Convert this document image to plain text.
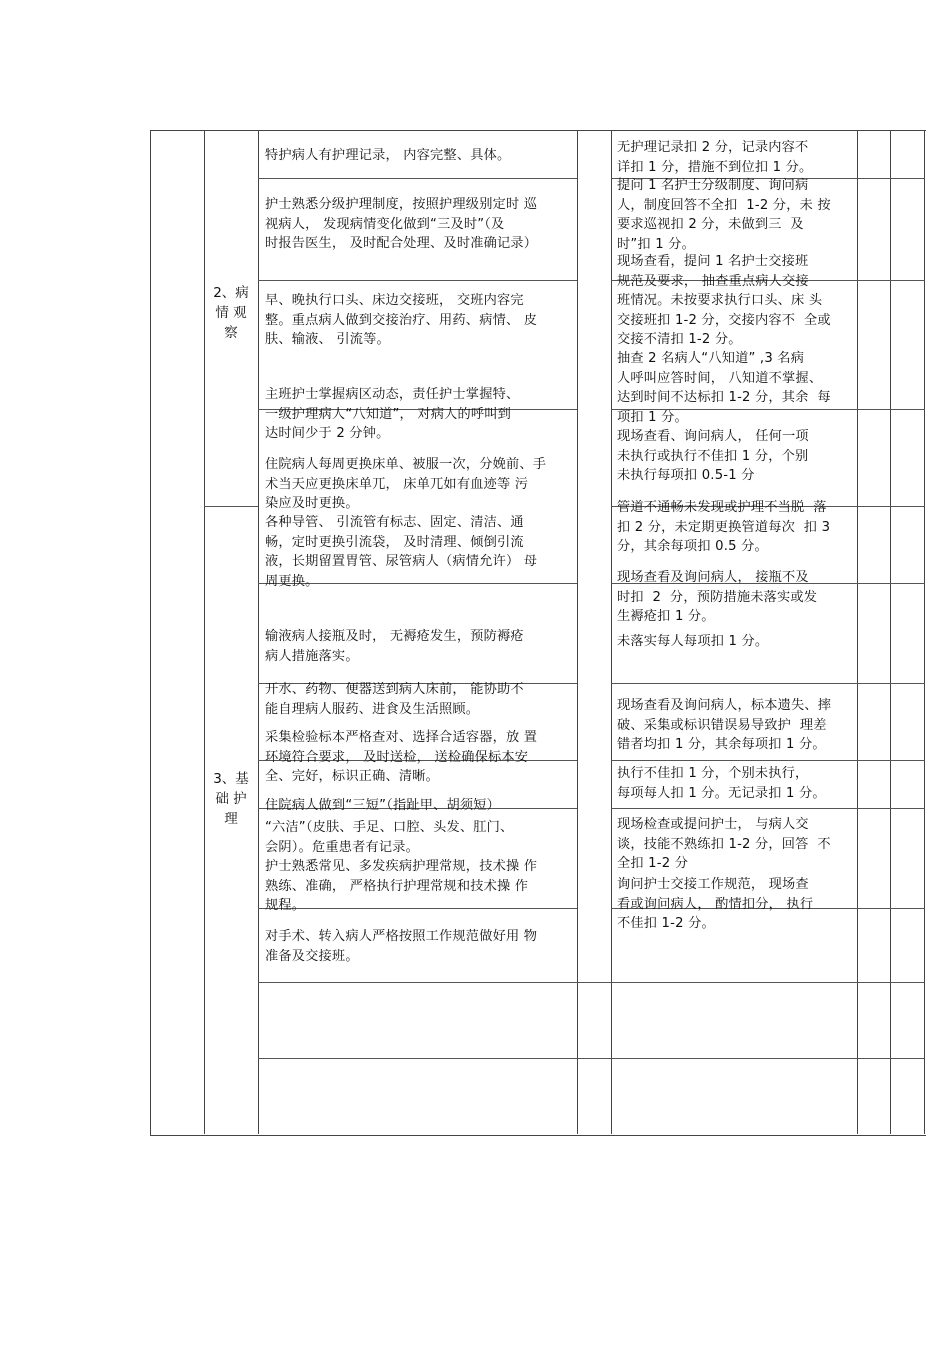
2、病
情 观
察
3、基
础 护
理
特护病人有护理记录， 内容完整、具体。
护士熟悉分级护理制度，按照护理级别定时 巡
视病人， 发现病情变化做到“三及时”（及
时报告医生， 及时配合处理、及时准确记录）
早、晚执行口头、床边交接班， 交班内容完
整。重点病人做到交接治疗、用药、病情、 皮
肤、输液、 引流等。
主班护士掌握病区动态，责任护士掌握特、
一级护理病人“八知道”， 对病人的呼叫到
达时间少于 2 分钟。
住院病人每周更换床单、被服一次，分娩前、手
术当天应更换床单兀， 床单兀如有血迹等 污
染应及时更换。
各种导管、 引流管有标志、固定、清洁、通
畅，定时更换引流袋， 及时清理、倾倒引流
液，长期留置胃管、尿管病人（病情允许） 母
周更换。
输液病人接瓶及时， 无褥疮发生，预防褥疮
病人措施落实。
开水、药物、便器送到病人床前， 能协助不
能自理病人服药、进食及生活照顾。
采集检验标本严格查对、选择合适容器，放 置
环境符合要求， 及时送检， 送检确保标本安
全、完好，标识正确、清晰。
住院病人做到“三短”（指趾甲、胡须短）
“六洁”（皮肤、手足、口腔、头发、肛门、
会阴）。危重患者有记录。
护士熟悉常见、多发疾病护理常规，技术操 作
熟练、准确， 严格执行护理常规和技术操 作
规程。
对手术、转入病人严格按照工作规范做好用 物
准备及交接班。
无护理记录扣 2 分，记录内容不
详扣 1 分，措施不到位扣 1 分。
提问 1 名护士分级制度、询问病
人，制度回答不全扣  1-2 分，未 按
要求巡视扣 2 分，未做到三  及
时”扣 1 分。
现场查看，提问 1 名护士交接班
规范及要求， 抽查重点病人交接
班情况。未按要求执行口头、床 头
交接班扣 1-2 分，交接内容不  全或
交接不清扣 1-2 分。
抽查 2 名病人“八知道” ,3 名病
人呼叫应答时间， 八知道不掌握、
达到时间不达标扣 1-2 分，其余  每
项扣 1 分。
现场查看、询问病人， 任何一项
未执行或执行不佳扣 1 分，个别
未执行每项扣 0.5-1 分
管道不通畅未发现或护理不当脱  落
扣 2 分，未定期更换管道每次  扣 3
分，其余每项扣 0.5 分。
现场查看及询问病人， 接瓶不及
时扣  2  分，预防措施未落实或发
生褥疮扣 1 分。
未落实每人每项扣 1 分。
现场查看及询问病人，标本遗失、摔
破、采集或标识错误易导致护  理差
错者均扣 1 分，其余每项扣 1 分。
执行不佳扣 1 分，个别未执行，
每项每人扣 1 分。无记录扣 1 分。
现场检查或提问护士， 与病人交
谈，技能不熟练扣 1-2 分，回答  不
全扣 1-2 分
询问护士交接工作规范， 现场查
看或询问病人， 酌情扣分， 执行
不佳扣 1-2 分。
